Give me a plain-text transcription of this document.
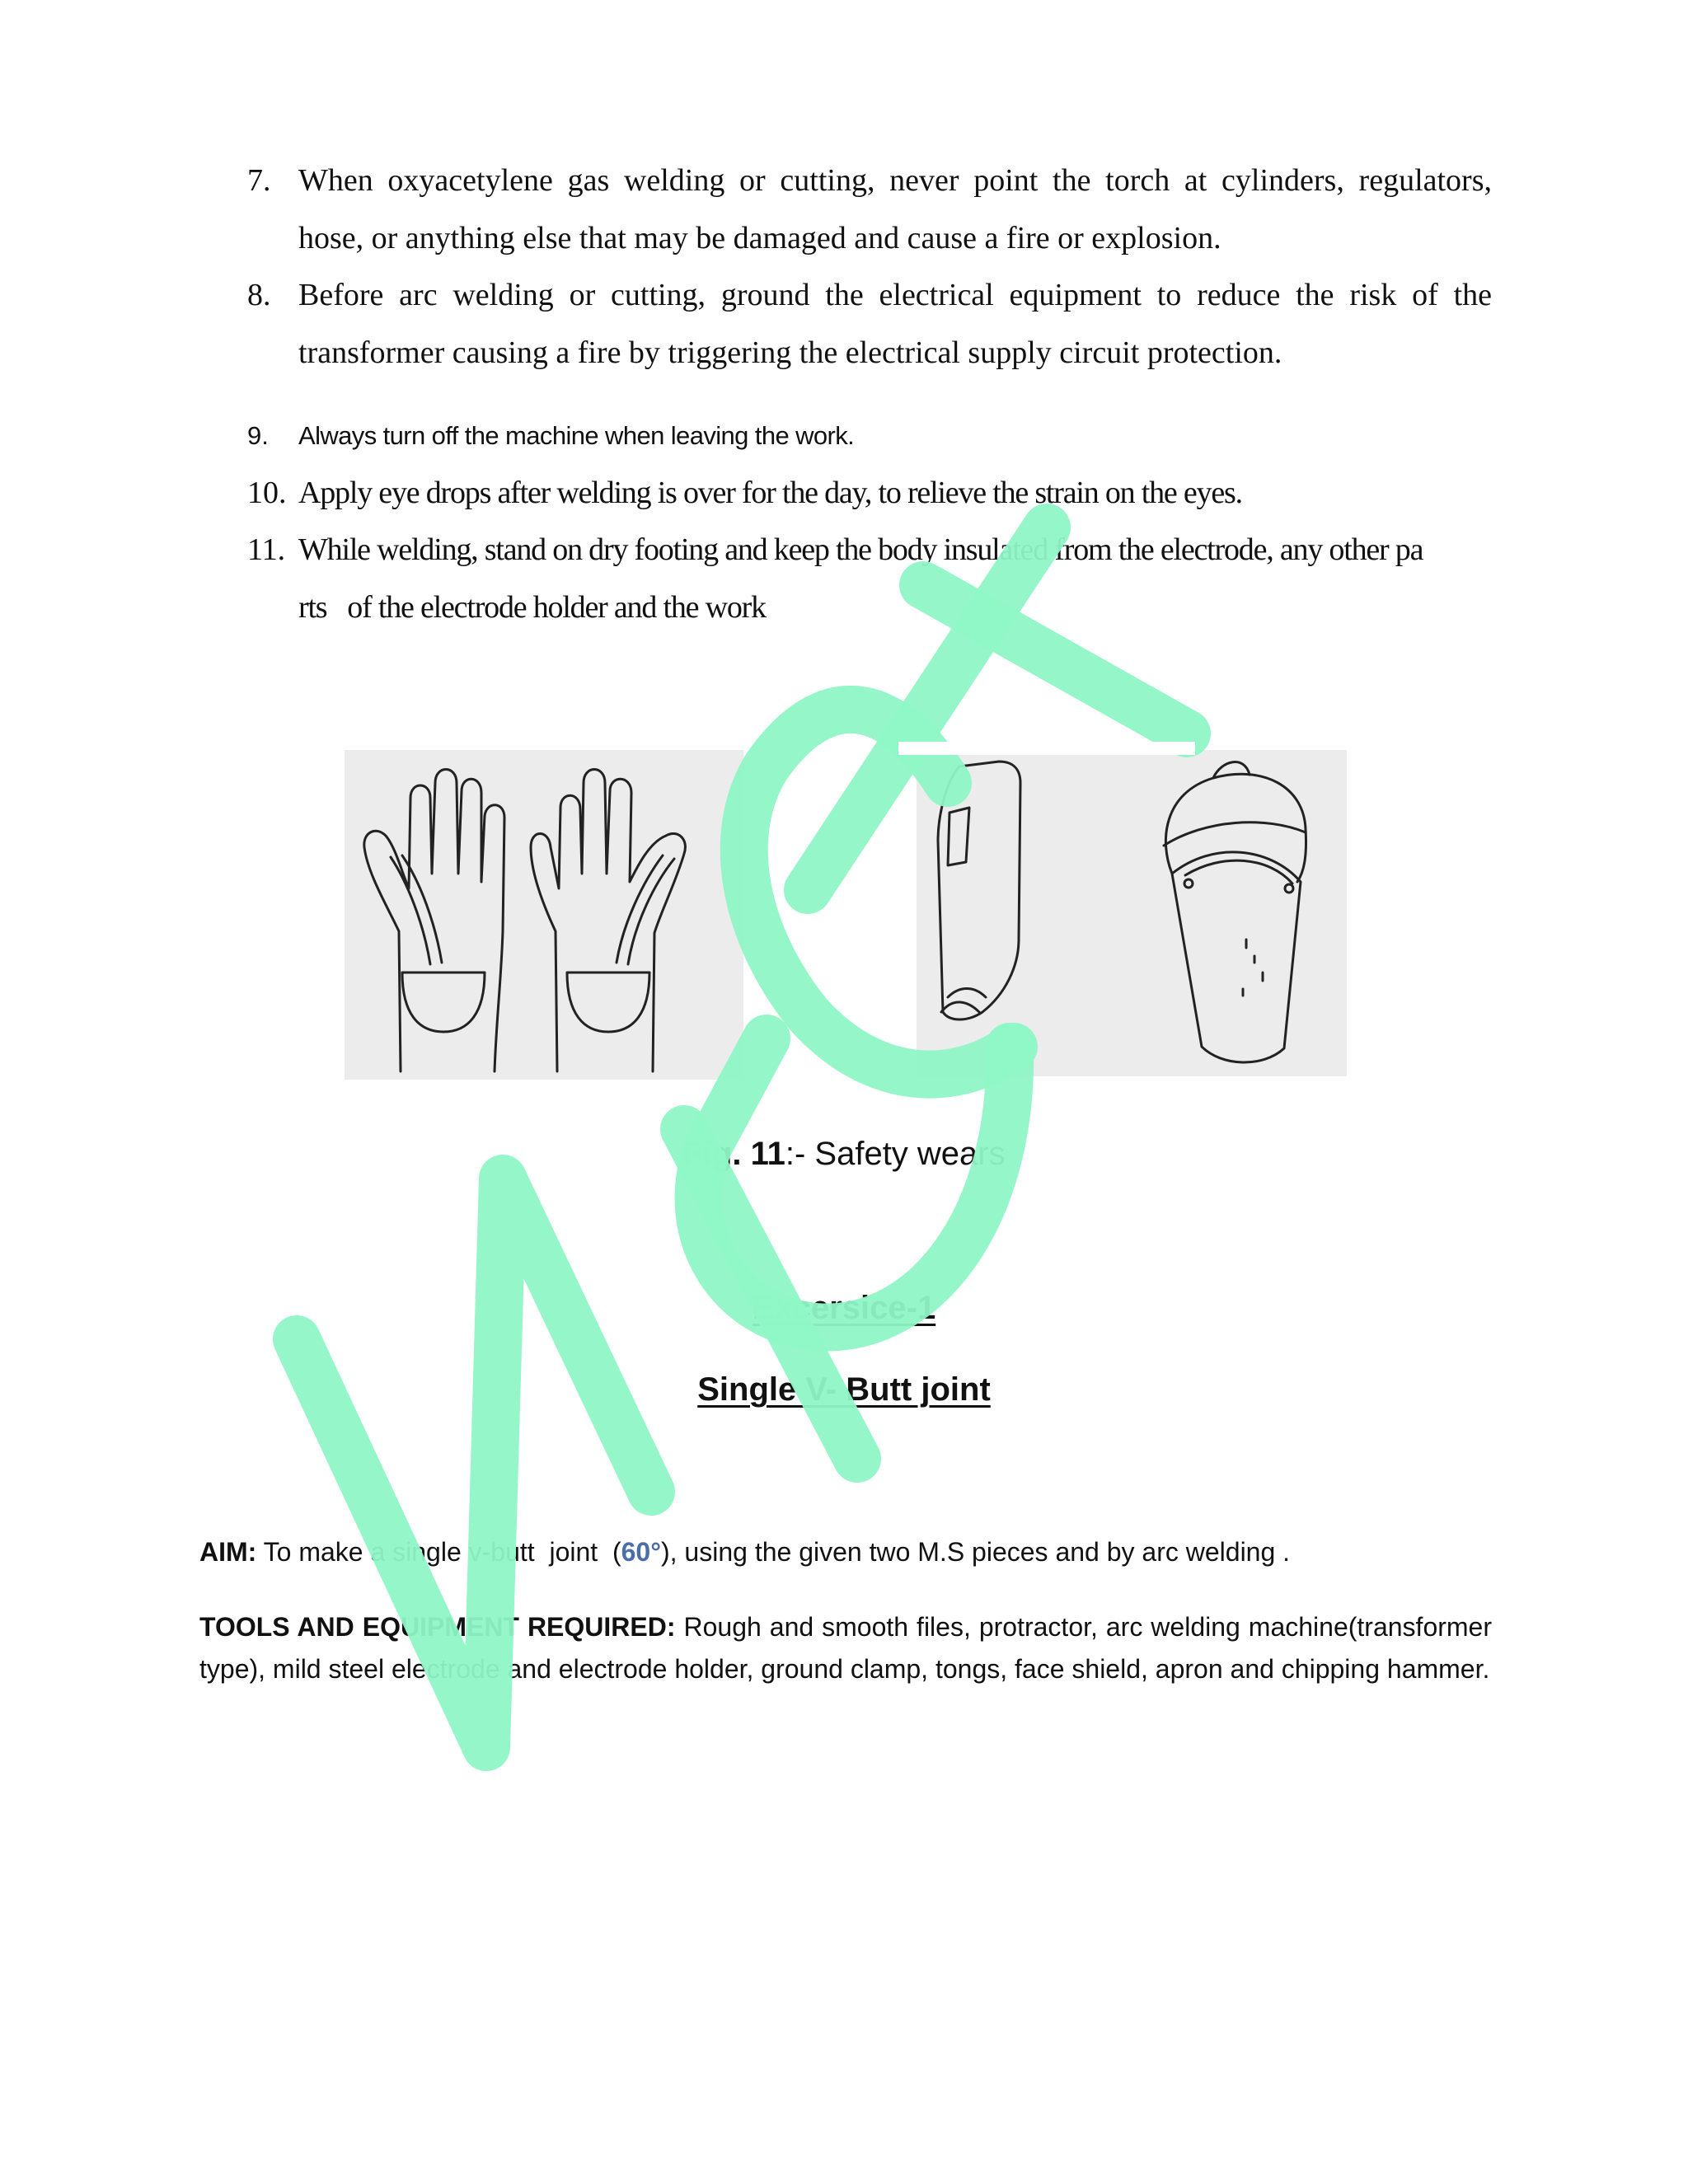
7. When oxyacetylene gas welding or cutting, never point the torch at cylinders, regulators,
hose, or anything else that may be damaged and cause a fire or explosion.
8. Before arc welding or cutting, ground the electrical equipment to reduce the risk of the
transformer causing a fire by triggering the electrical supply circuit protection.
9.	Always turn off the machine when leaving the work.
10. Apply eye drops after welding is over for the day, to relieve the strain on the eyes.
11. While welding, stand on dry footing and keep the body insulated from the electrode, any other pa
rts   of the electrode holder and the work
Fig. 11:- Safety wears
Excersice-1
Single V- Butt joint
AIM: To make a single v-butt  joint  (60°), using the given two M.S pieces and by arc welding .
TOOLS AND EQUIPMENT REQUIRED: Rough and smooth files, protractor, arc welding machine(transformer type), mild steel electrode and electrode holder, ground clamp, tongs, face shield, apron and chipping hammer.
